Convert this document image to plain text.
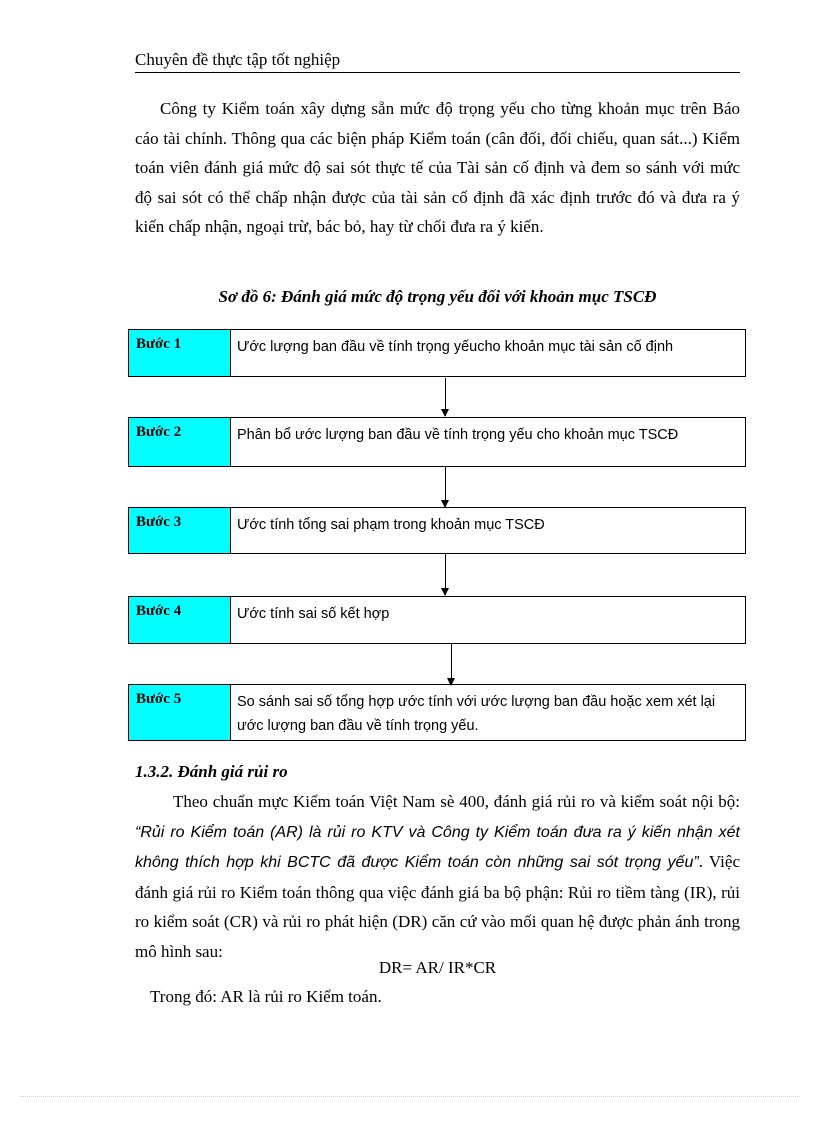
Chuyên đề thực tập tốt nghiệp

Công ty Kiểm toán xây dựng sẵn mức độ trọng yếu cho từng khoản mục trên Báo cáo tài chính. Thông qua các biện pháp Kiểm toán (cân đối, đối chiếu, quan sát...) Kiểm toán viên đánh giá mức độ sai sót thực tế của Tài sản cố định và đem so sánh với mức độ sai sót có thể chấp nhận được của tài sản cố định đã xác định trước đó và đưa ra ý kiến chấp nhận, ngoại trừ, bác bỏ, hay từ chối đưa ra ý kiến.

Sơ đồ 6: Đánh giá mức độ trọng yếu đối với khoản mục TSCĐ
Bước 1	Ước lượng ban đầu về tính trọng yếucho khoản mục tài sản cố định
Bước 2	Phân bổ ước lượng ban đầu về tính trọng yếu cho khoản mục TSCĐ
Bước 3	Ước tính tổng sai phạm trong khoản mục TSCĐ
Bước 4	Ước tính sai số kết hợp
Bước 5	So sánh sai số tổng hợp ước tính với ước lượng ban đầu hoặc xem xét lại ước lượng ban đầu về tính trọng yếu.
1.3.2. Đánh giá rủi ro

Theo chuẩn mực Kiểm toán Việt Nam sè 400, đánh giá rủi ro và kiểm soát nội bộ: “Rủi ro Kiểm toán (AR) là rủi ro KTV và Công ty Kiểm toán đưa ra ý kiến nhận xét không thích hợp khi BCTC đã được Kiểm toán còn những sai sót trọng yếu”. Việc đánh giá rủi ro Kiểm toán thông qua việc đánh giá ba bộ phận: Rủi ro tiềm tàng (IR), rủi ro kiểm soát (CR) và rủi ro phát hiện (DR) căn cứ vào mối quan hệ được phản ánh trong mô hình sau:

DR= AR/ IR*CR
Trong đó: AR là rủi ro Kiểm toán.
